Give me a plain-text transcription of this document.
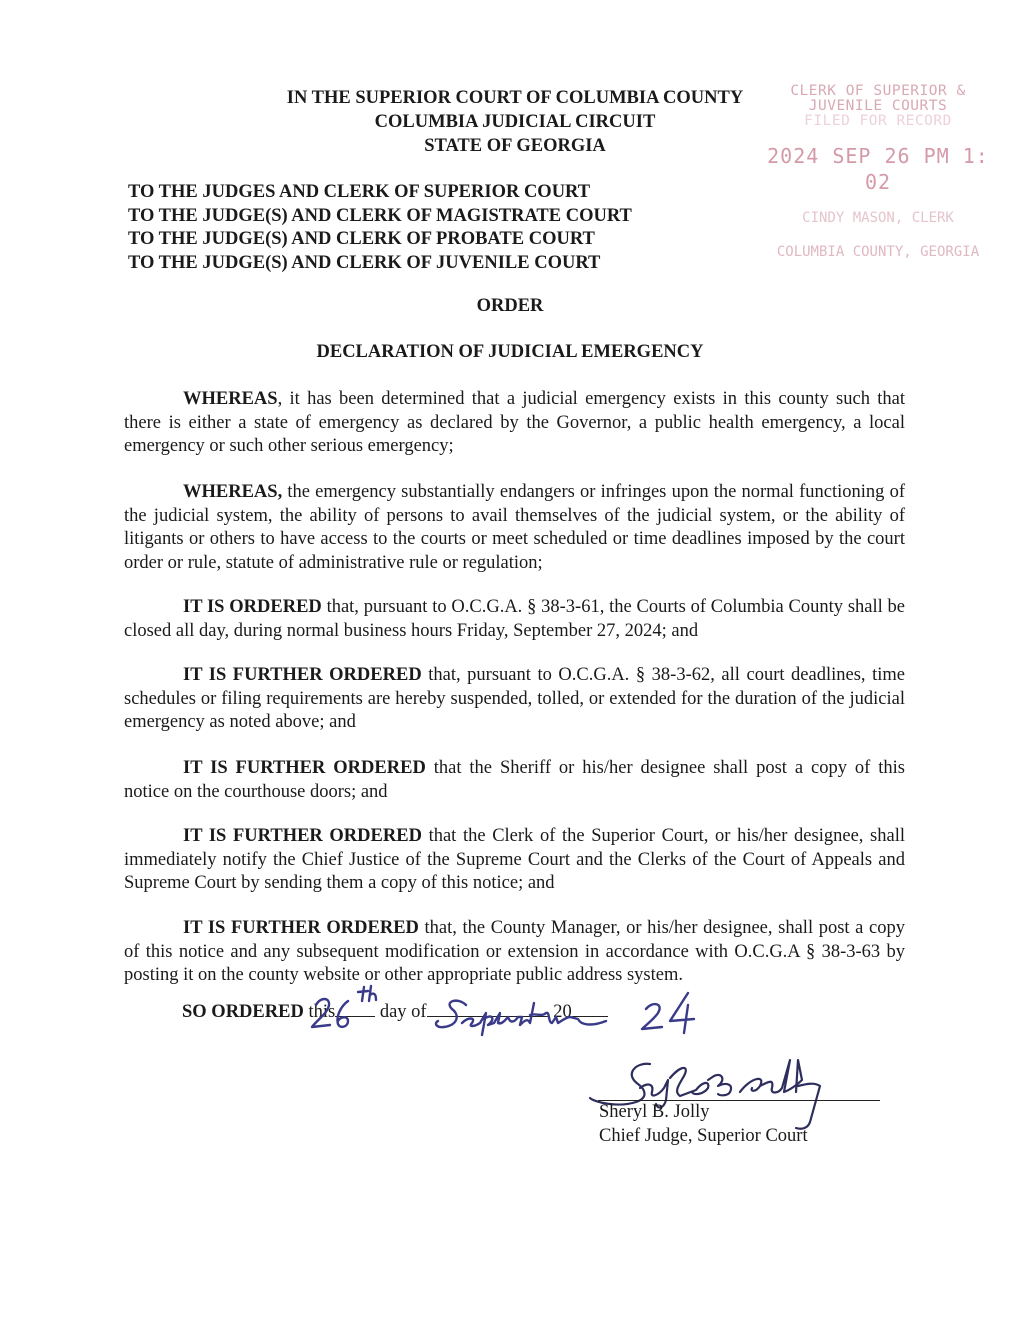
IN THE SUPERIOR COURT OF COLUMBIA COUNTY
COLUMBIA JUDICIAL CIRCUIT
STATE OF GEORGIA
CLERK OF SUPERIOR &
JUVENILE COURTS
FILED FOR RECORD
2024 SEP 26 PM 1: 02
CINDY MASON, CLERK
COLUMBIA COUNTY, GEORGIA
TO THE JUDGES AND CLERK OF SUPERIOR COURT
TO THE JUDGE(S) AND CLERK OF MAGISTRATE COURT
TO THE JUDGE(S) AND CLERK OF PROBATE COURT
TO THE JUDGE(S) AND CLERK OF JUVENILE COURT
ORDER
DECLARATION OF JUDICIAL EMERGENCY
WHEREAS, it has been determined that a judicial emergency exists in this county such that there is either a state of emergency as declared by the Governor, a public health emergency, a local emergency or such other serious emergency;
WHEREAS, the emergency substantially endangers or infringes upon the normal functioning of the judicial system, the ability of persons to avail themselves of the judicial system, or the ability of litigants or others to have access to the courts or meet scheduled or time deadlines imposed by the court order or rule, statute of administrative rule or regulation;
IT IS ORDERED that, pursuant to O.C.G.A. § 38-3-61, the Courts of Columbia County shall be closed all day, during normal business hours Friday, September 27, 2024; and
IT IS FURTHER ORDERED that, pursuant to O.C.G.A. § 38-3-62, all court deadlines, time schedules or filing requirements are hereby suspended, tolled, or extended for the duration of the judicial emergency as noted above; and
IT IS FURTHER ORDERED that the Sheriff or his/her designee shall post a copy of this notice on the courthouse doors; and
IT IS FURTHER ORDERED that the Clerk of the Superior Court, or his/her designee, shall immediately notify the Chief Justice of the Supreme Court and the Clerks of the Court of Appeals and Supreme Court by sending them a copy of this notice; and
IT IS FURTHER ORDERED that, the County Manager, or his/her designee, shall post a copy of this notice and any subsequent modification or extension in accordance with O.C.G.A § 38-3-63 by posting it on the county website or other appropriate public address system.
SO ORDERED this day of	20
Sheryl B. Jolly
Chief Judge, Superior Court
